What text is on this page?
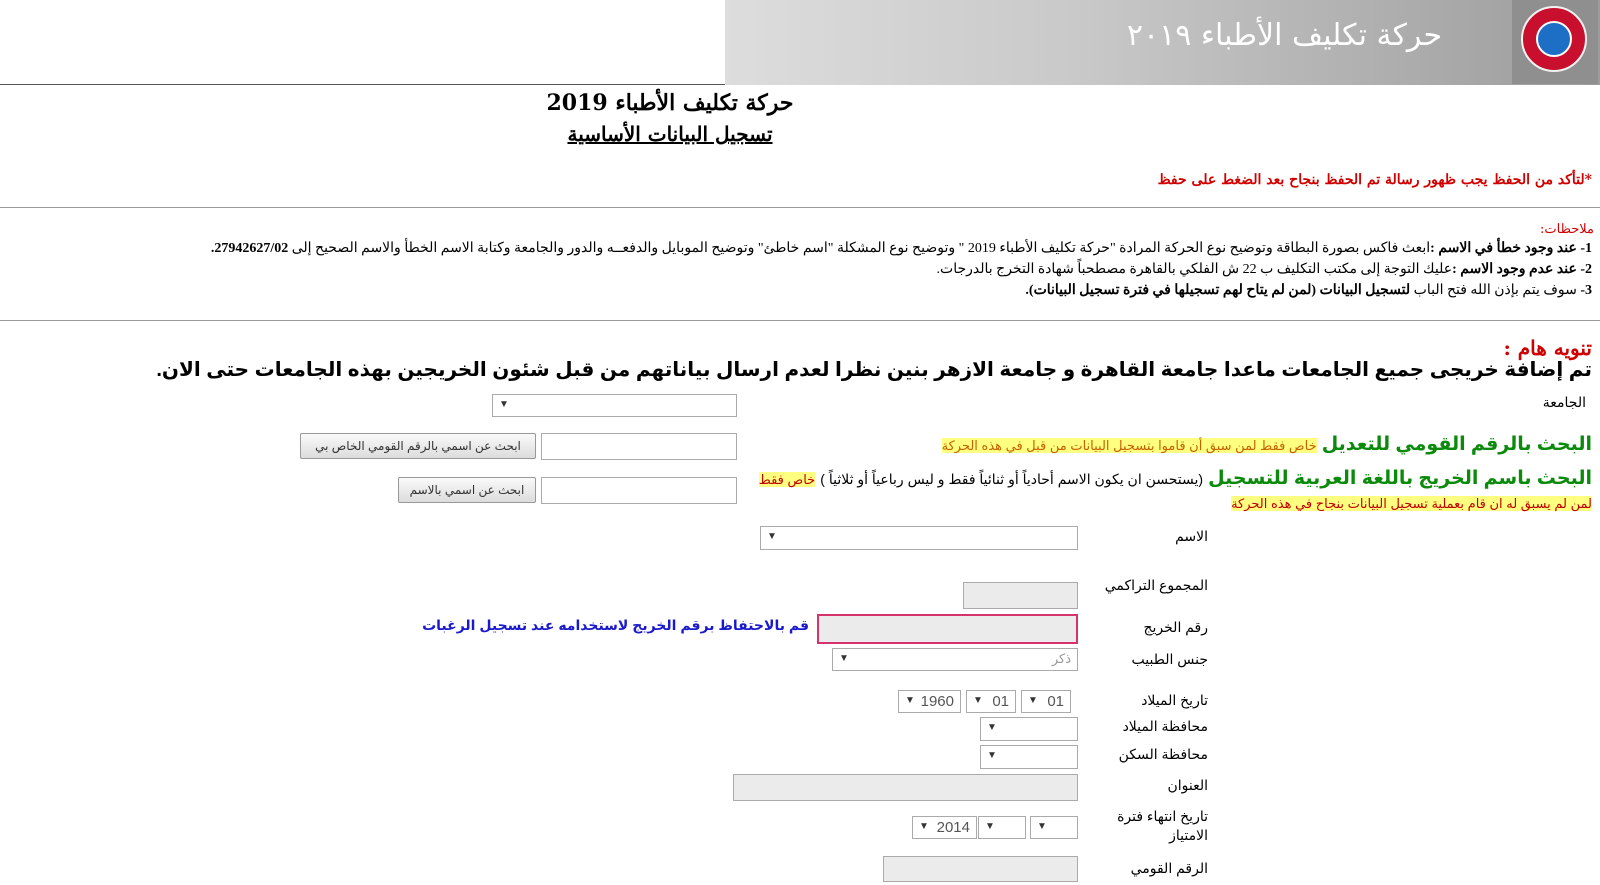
حركة تكليف الأطباء ٢٠١٩
حركة تكليف الأطباء 2019
تسجيل البيانات الأساسية
*لتأكد من الحفظ يجب ظهور رسالة تم الحفظ بنجاح بعد الضغط على حفظ
ملاحظات:
1- عند وجود خطأ في الاسم :ابعث فاكس بصورة البطاقة وتوضيح نوع الحركة المرادة "حركة تكليف الأطباء 2019 " وتوضيح نوع المشكلة "اسم خاطئ" وتوضيح الموبايل والدفعــه والدور والجامعة وكتابة الاسم الخطأ والاسم الصحيح إلى 27942627/02.
2- عند عدم وجود الاسم :عليك التوجة إلى مكتب التكليف ب 22 ش الفلكي بالقاهرة مصطحباً شهادة التخرج بالدرجات.
3- سوف يتم بإذن الله فتح الباب لتسجيل البيانات (لمن لم يتاح لهم تسجيلها في فترة تسجيل البيانات).
تنويه هام :
تم إضافة خريجى جميع الجامعات ماعدا جامعة القاهرة و جامعة الازهر بنين نظرا لعدم ارسال بياناتهم من قبل شئون الخريجين بهذه الجامعات حتى الان.
الجامعة
▼
البحث بالرقم القومي للتعديل خاص فقط لمن سبق أن قاموا بتسجيل البيانات من قبل في هذه الحركة
ابحث عن اسمي بالرقم القومي الخاص بي
البحث باسم الخريج باللغة العربية للتسجيل (يستحسن ان يكون الاسم أحادياً أو ثنائياً فقط و ليس رباعياً أو ثلاثياً ) خاص فقط
لمن لم يسبق له ان قام بعملية تسجيل البيانات بنجاح في هذه الحركة
ابحث عن اسمي بالاسم
الاسم
▼
المجموع التراكمي
رقم الخريج
قم بالاحتفاظ برقم الخريج لاستخدامه عند تسجيل الرغبات
جنس الطبيب
▼	ذكر
تاريخ الميلاد
▼ 1960 ▼ 01 ▼ 01
محافظة الميلاد
▼
محافظة السكن
▼
العنوان
تاريخ انتهاء فترة
الامتياز
▼ 2014 ▼	▼
الرقم القومي
